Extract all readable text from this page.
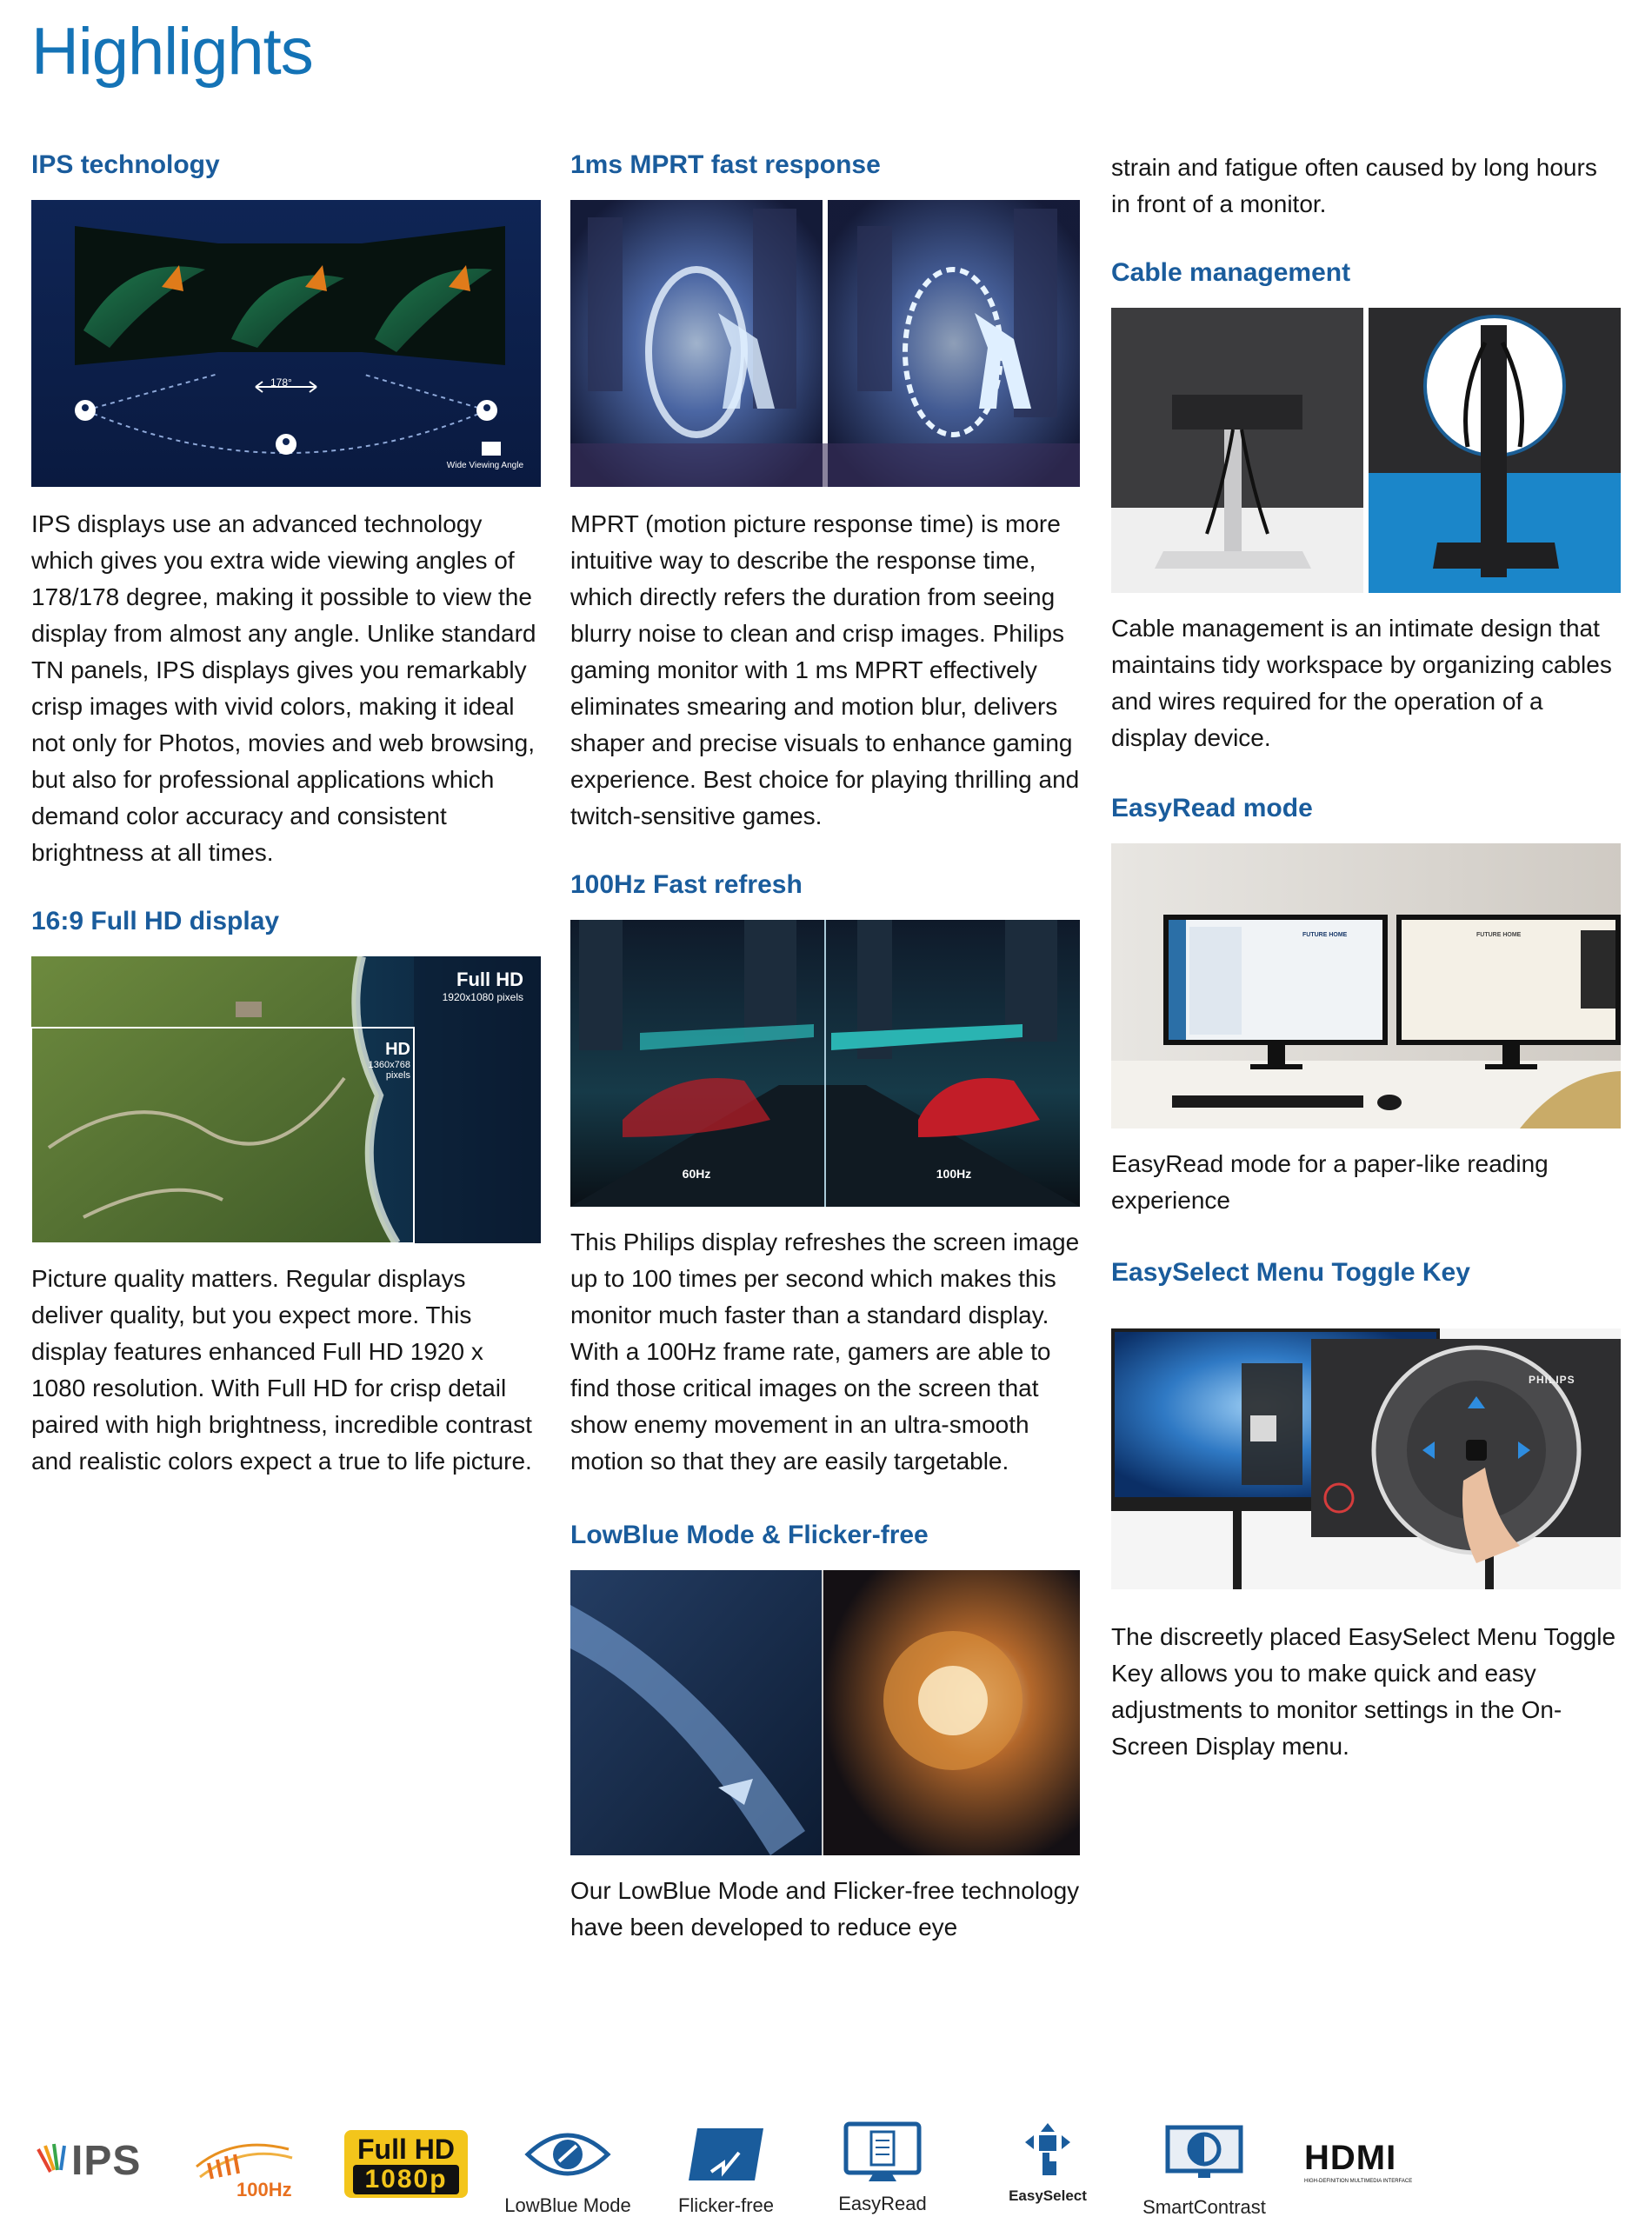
Highlights
IPS technology
178°
Wide Viewing Angle

IPS displays use an advanced technology which gives you extra wide viewing angles of 178/178 degree, making it possible to view the display from almost any angle. Unlike standard TN panels, IPS displays gives you remarkably crisp images with vivid colors, making it ideal not only for Photos, movies and web browsing, but also for professional applications which demand color accuracy and consistent brightness at all times.

16:9 Full HD display
Full HD
1920x1080 pixels
HD
1360x768 pixels

Picture quality matters. Regular displays deliver quality, but you expect more. This display features enhanced Full HD 1920 x 1080 resolution. With Full HD for crisp detail paired with high brightness, incredible contrast and realistic colors expect a true to life picture.

1ms MPRT fast response

MPRT (motion picture response time) is more intuitive way to describe the response time, which directly refers the duration from seeing blurry noise to clean and crisp images. Philips gaming monitor with 1 ms MPRT effectively eliminates smearing and motion blur, delivers shaper and precise visuals to enhance gaming experience. Best choice for playing thrilling and twitch-sensitive games.

100Hz Fast refresh
60Hz	100Hz

This Philips display refreshes the screen image up to 100 times per second which makes this monitor much faster than a standard display. With a 100Hz frame rate, gamers are able to find those critical images on the screen that show enemy movement in an ultra-smooth motion so that they are easily targetable.

LowBlue Mode & Flicker-free

Our LowBlue Mode and Flicker-free technology have been developed to reduce eye

strain and fatigue often caused by long hours in front of a monitor.

Cable management

Cable management is an intimate design that maintains tidy workspace by organizing cables and wires required for the operation of a display device.

EasyRead mode
FUTURE HOME	FUTURE HOME

EasyRead mode for a paper-like reading experience

EasySelect Menu Toggle Key
PHILIPS

The discreetly placed EasySelect Menu Toggle Key allows you to make quick and easy adjustments to monitor settings in the On-Screen Display menu.

IPS
100Hz
Full HD
1080p
LowBlue Mode	Flicker-free	EasyRead	EasySelect
SmartContrast
HDMI
HIGH-DEFINITION MULTIMEDIA INTERFACE
